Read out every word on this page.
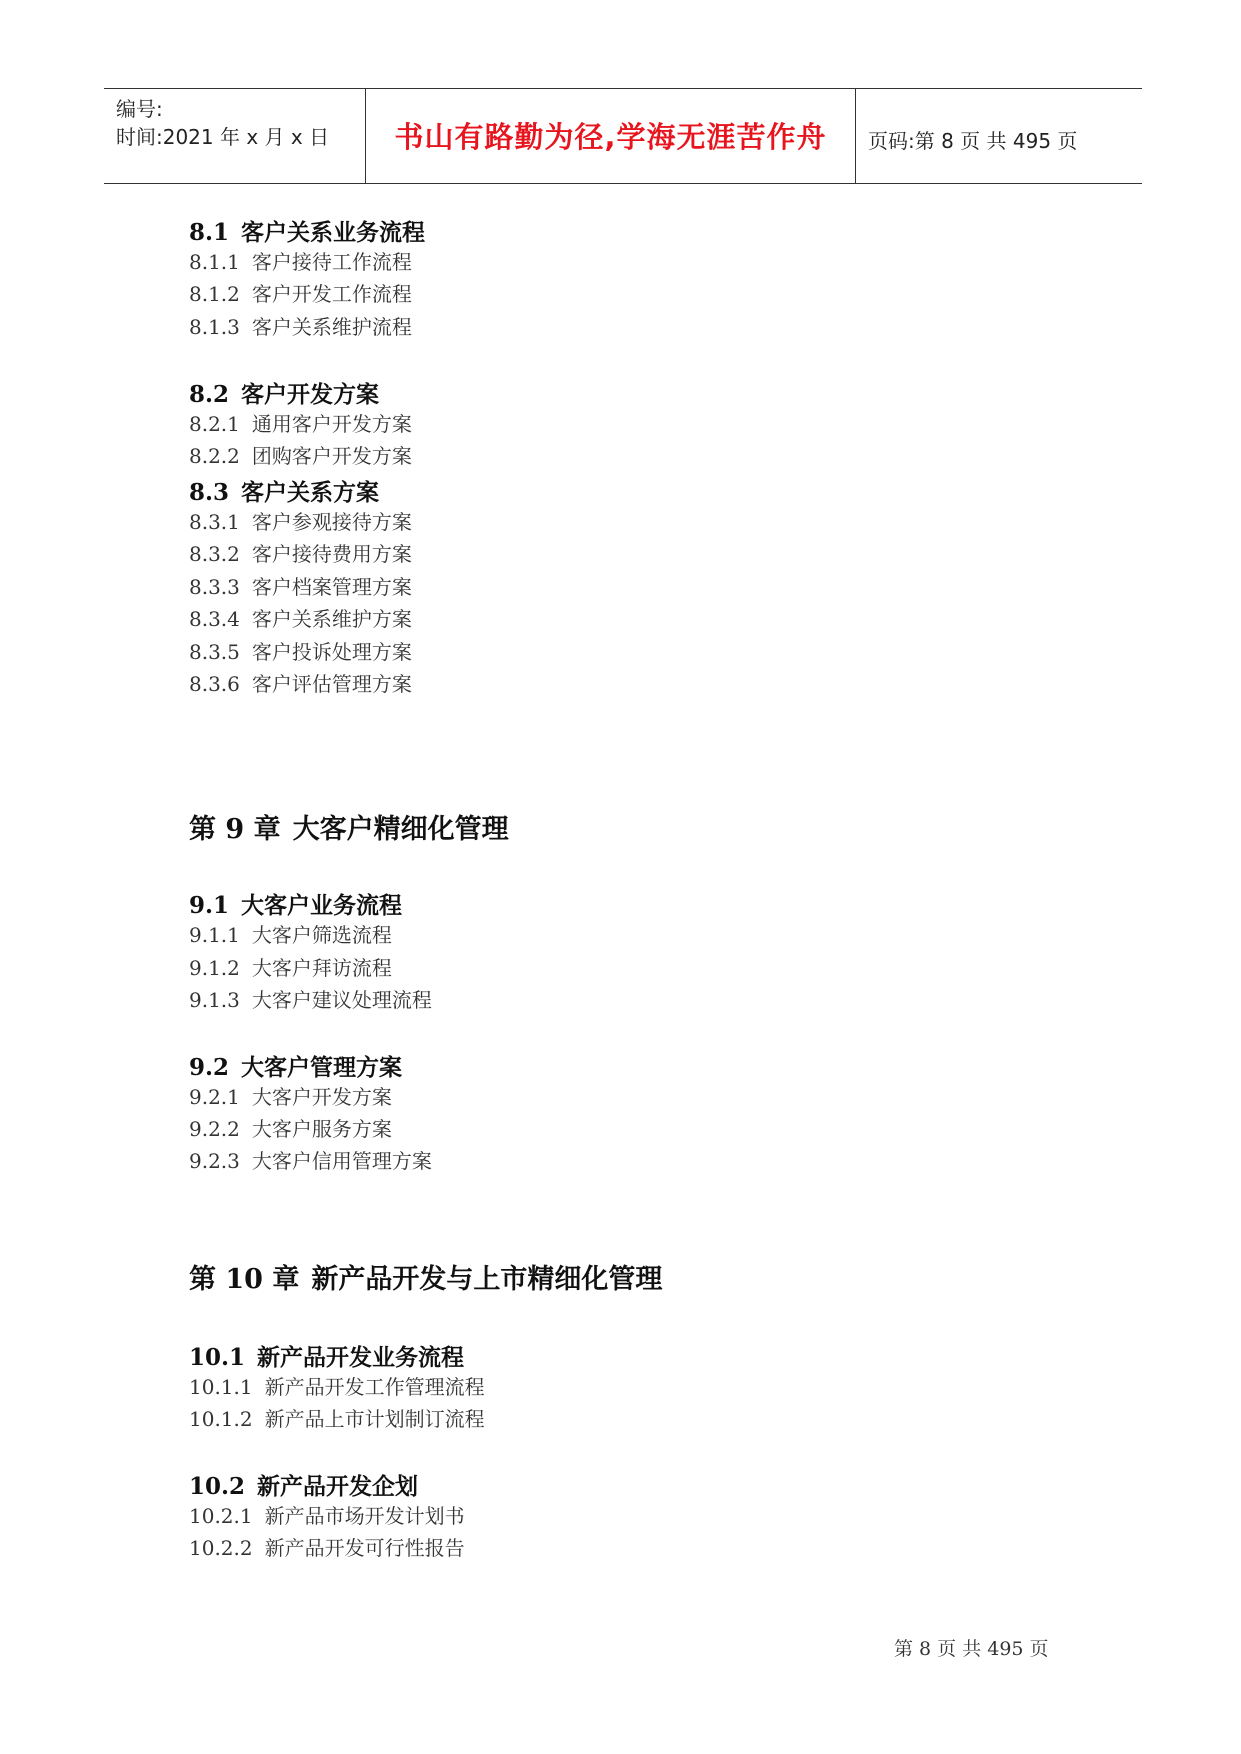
编号:
时间:2021 年 x 月 x 日	书山有路勤为径,学海无涯苦作舟	页码:第 8 页 共 495 页
8.1 客户关系业务流程
8.1.1 客户接待工作流程
8.1.2 客户开发工作流程
8.1.3 客户关系维护流程
8.2 客户开发方案
8.2.1 通用客户开发方案
8.2.2 团购客户开发方案
8.3 客户关系方案
8.3.1 客户参观接待方案
8.3.2 客户接待费用方案
8.3.3 客户档案管理方案
8.3.4 客户关系维护方案
8.3.5 客户投诉处理方案
8.3.6 客户评估管理方案
第 9 章 大客户精细化管理
9.1 大客户业务流程
9.1.1 大客户筛选流程
9.1.2 大客户拜访流程
9.1.3 大客户建议处理流程
9.2 大客户管理方案
9.2.1 大客户开发方案
9.2.2 大客户服务方案
9.2.3 大客户信用管理方案
第 10 章 新产品开发与上市精细化管理
10.1 新产品开发业务流程
10.1.1 新产品开发工作管理流程
10.1.2 新产品上市计划制订流程
10.2 新产品开发企划
10.2.1 新产品市场开发计划书
10.2.2 新产品开发可行性报告
第 8 页 共 495 页
